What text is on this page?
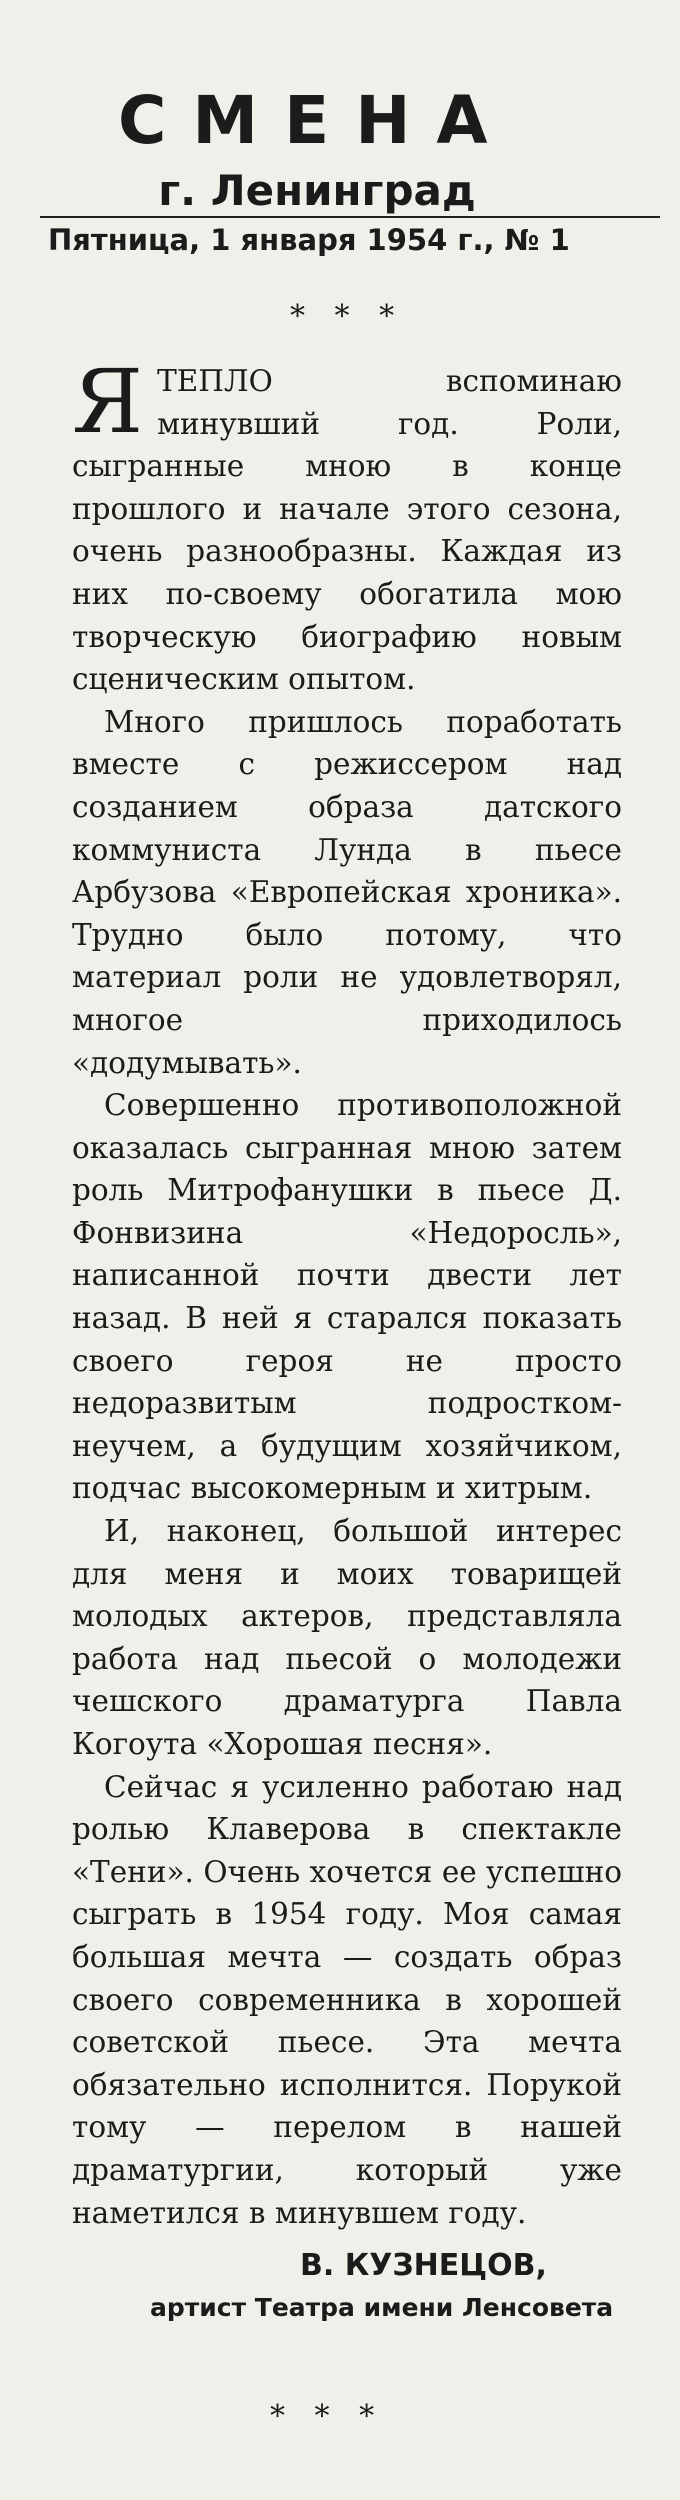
СМЕНА
г. Ленинград
Пятница, 1 января 1954 г., № 1
* * *

ЯТЕПЛО вспоминаю минувший год. Роли, сыгранные мною в конце прошлого и начале этого сезона, очень разнообразны. Каждая из них по-своему обогатила мою творческую биографию новым сценическим опытом.

Много пришлось поработать вместе с режиссером над созданием образа датского коммуниста Лунда в пьесе Арбузова «Европейская хроника». Трудно было потому, что материал роли не удовлетворял, многое приходилось «додумывать».

Совершенно противоположной оказалась сыгранная мною затем роль Митрофанушки в пьесе Д. Фонвизина «Недоросль», написанной почти двести лет назад. В ней я старался показать своего героя не просто недоразвитым подростком-неучем, а будущим хозяйчиком, подчас высокомерным и хитрым.

И, наконец, большой интерес для меня и моих товарищей молодых актеров, представляла работа над пьесой о молодежи чешского драматурга Павла Когоута «Хорошая песня».

Сейчас я усиленно работаю над ролью Клаверова в спектакле «Тени». Очень хочется ее успешно сыграть в 1954 году. Моя самая большая мечта — создать образ своего современника в хорошей советской пьесе. Эта мечта обязательно исполнится. Порукой тому — перелом в нашей драматургии, который уже наметился в минувшем году.

В. КУЗНЕЦОВ,
артист Театра имени Ленсовета
* * *
